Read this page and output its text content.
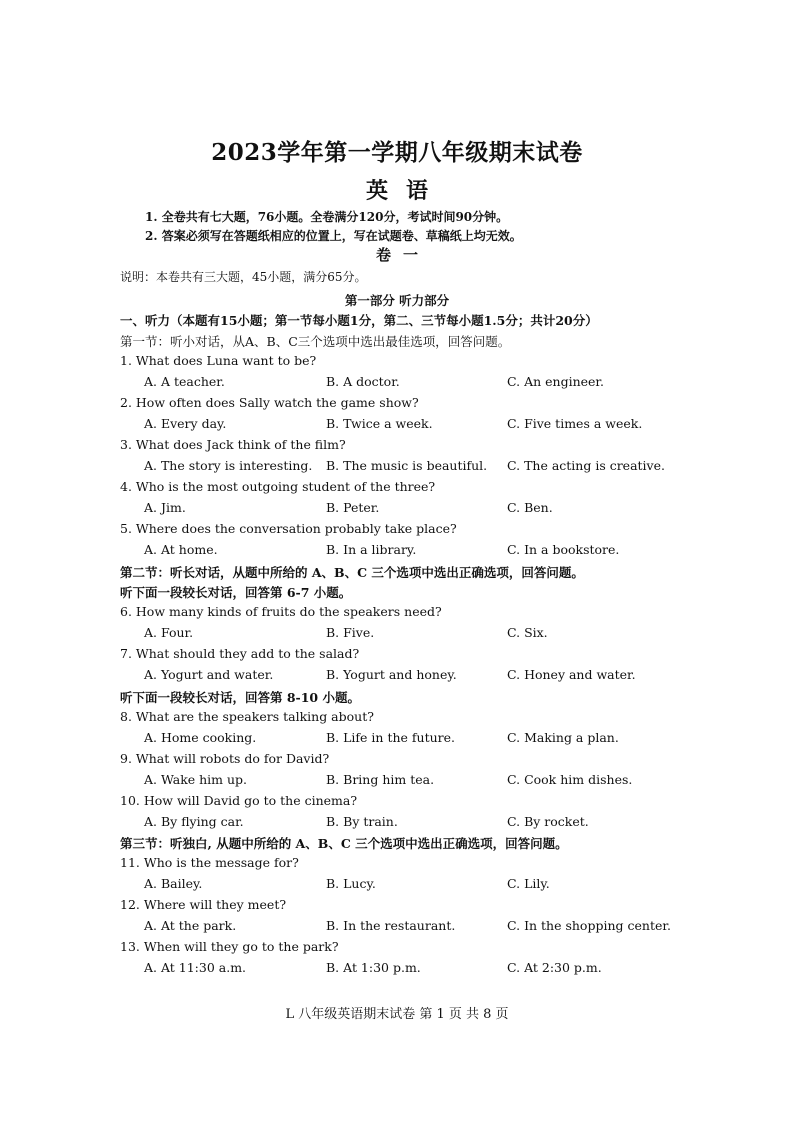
2023学年第一学期八年级期末试卷
英语
1. 全卷共有七大题，76小题。全卷满分120分，考试时间90分钟。
2. 答案必须写在答题纸相应的位置上，写在试题卷、草稿纸上均无效。
卷一
说明：本卷共有三大题，45小题，满分65分。
第一部分 听力部分
一、听力（本题有15小题；第一节每小题1分，第二、三节每小题1.5分；共计20分）
第一节：听小对话，从A、B、C三个选项中选出最佳选项，回答问题。
1. What does Luna want to be?
A. A teacher.	B. A doctor.	C. An engineer.
2. How often does Sally watch the game show?
A. Every day.	B. Twice a week.	C. Five times a week.
3. What does Jack think of the film?
A. The story is interesting. B. The music is beautiful. C. The acting is creative.
4. Who is the most outgoing student of the three?
A. Jim.	B. Peter.	C. Ben.
5. Where does the conversation probably take place?
A. At home.	B. In a library.	C. In a bookstore.
第二节：听长对话，从题中所给的 A、B、C 三个选项中选出正确选项，回答问题。
听下面一段较长对话，回答第 6-7 小题。
6. How many kinds of fruits do the speakers need?
A. Four.	B. Five.	C. Six.
7. What should they add to the salad?
A. Yogurt and water.	B. Yogurt and honey.	C. Honey and water.
听下面一段较长对话，回答第 8-10 小题。
8. What are the speakers talking about?
A. Home cooking.	B. Life in the future.	C. Making a plan.
9. What will robots do for David?
A. Wake him up.	B. Bring him tea.	C. Cook him dishes.
10. How will David go to the cinema?
A. By flying car.	B. By train.	C. By rocket.
第三节：听独白, 从题中所给的 A、B、C 三个选项中选出正确选项，回答问题。
11. Who is the message for?
A. Bailey.	B. Lucy.	C. Lily.
12. Where will they meet?
A. At the park.	B. In the restaurant.	C. In the shopping center.
13. When will they go to the park?
A. At 11:30 a.m.	B. At 1:30 p.m.	C. At 2:30 p.m.
L 八年级英语期末试卷 第 1 页 共 8 页
